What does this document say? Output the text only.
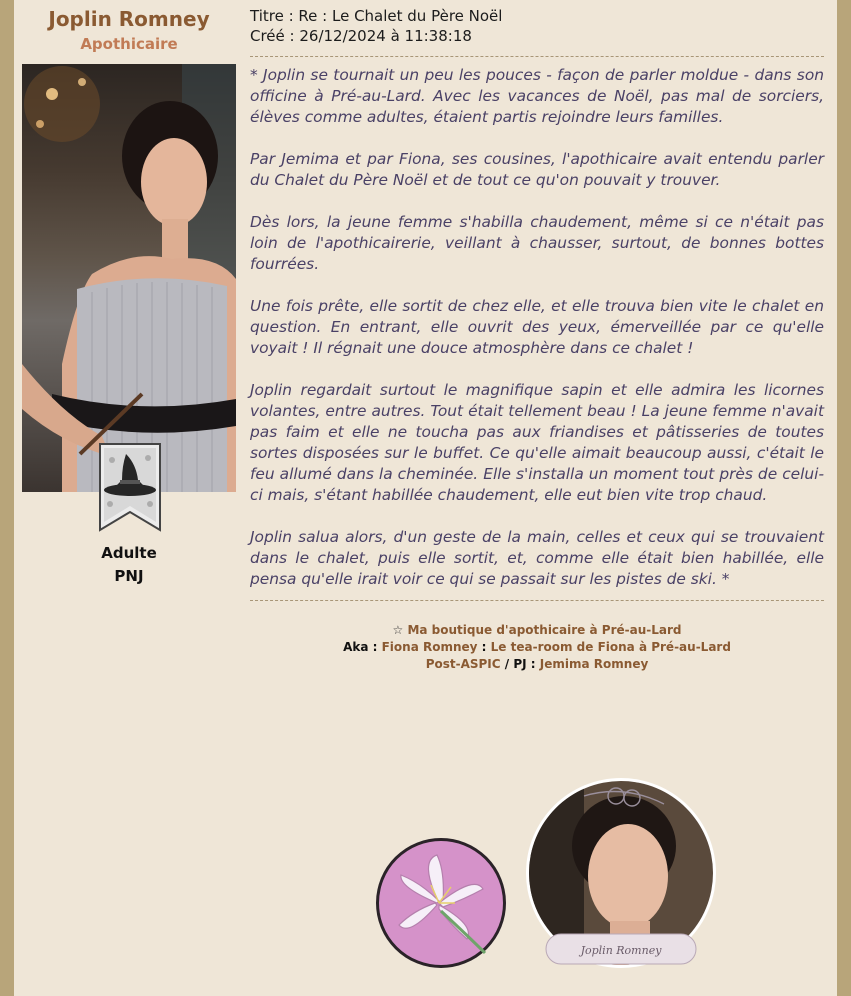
Joplin Romney
Apothicaire
Adulte
PNJ
Titre : Re : Le Chalet du Père Noël
Créé : 26/12/2024 à 11:38:18

* Joplin se tournait un peu les pouces - façon de parler moldue - dans son officine à Pré-au-Lard. Avec les vacances de Noël, pas mal de sorciers, élèves comme adultes, étaient partis rejoindre leurs familles.

Par Jemima et par Fiona, ses cousines, l'apothicaire avait entendu parler du Chalet du Père Noël et de tout ce qu'on pouvait y trouver.

Dès lors, la jeune femme s'habilla chaudement, même si ce n'était pas loin de l'apothicairerie, veillant à chausser, surtout, de bonnes bottes fourrées.

Une fois prête, elle sortit de chez elle, et elle trouva bien vite le chalet en question. En entrant, elle ouvrit des yeux, émerveillée par ce qu'elle voyait ! Il régnait une douce atmosphère dans ce chalet !

Joplin regardait surtout le magnifique sapin et elle admira les licornes volantes, entre autres. Tout était tellement beau ! La jeune femme n'avait pas faim et elle ne toucha pas aux friandises et pâtisseries de toutes sortes disposées sur le buffet. Ce qu'elle aimait beaucoup aussi, c'était le feu allumé dans la cheminée. Elle s'installa un moment tout près de celui-ci mais, s'étant habillée chaudement, elle eut bien vite trop chaud.

Joplin salua alors, d'un geste de la main, celles et ceux qui se trouvaient dans le chalet, puis elle sortit, et, comme elle était bien habillée, elle pensa qu'elle irait voir ce qui se passait sur les pistes de ski. *

☆ Ma boutique d'apothicaire à Pré-au-Lard
Aka : Fiona Romney : Le tea-room de Fiona à Pré-au-Lard
Post-ASPIC / PJ : Jemima Romney
Joplin Romney
